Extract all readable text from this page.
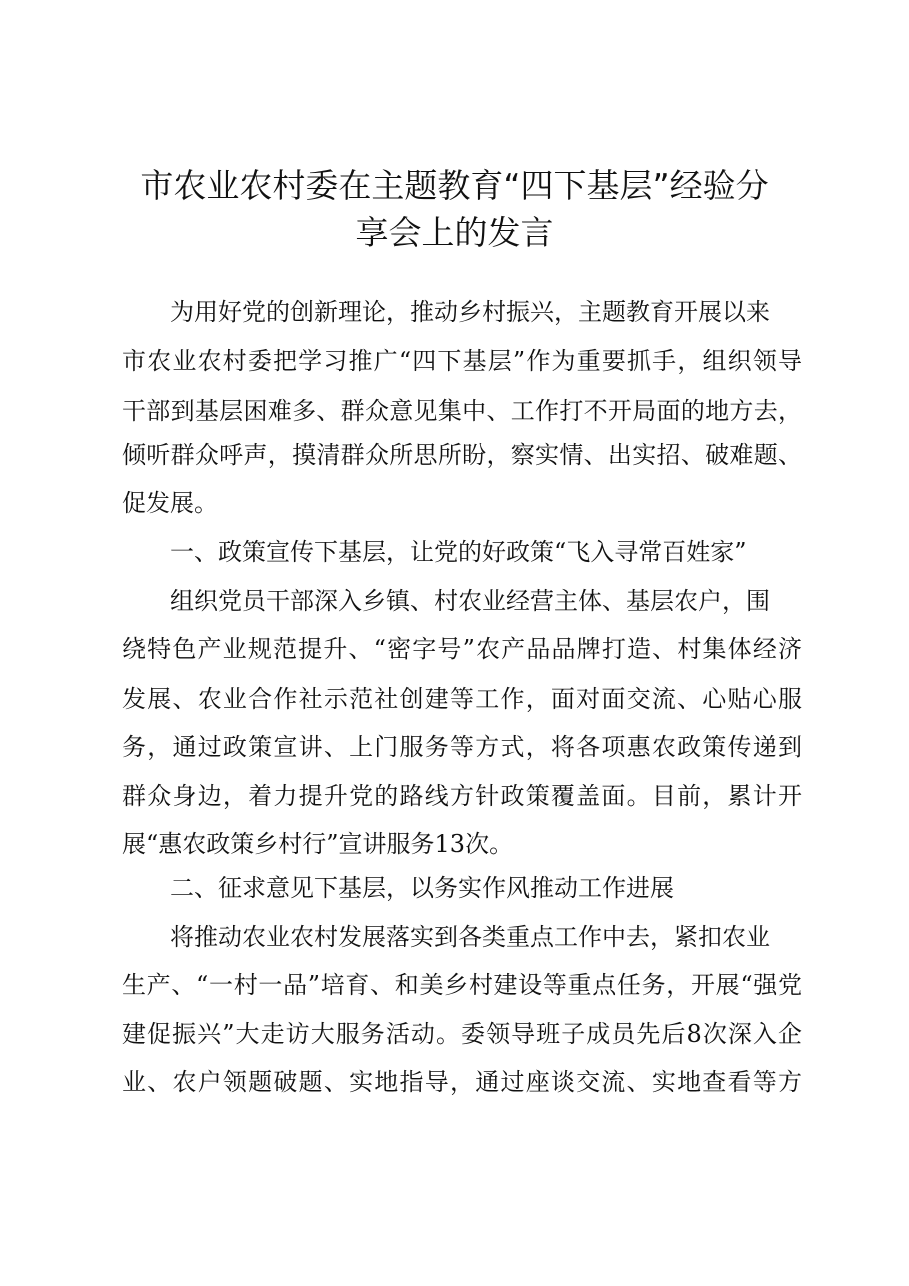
市农业农村委在主题教育“四下基层”经验分
享会上的发言
为用好党的创新理论，推动乡村振兴，主题教育开展以来
市农业农村委把学习推广“四下基层”作为重要抓手，组织领导
干部到基层困难多、群众意见集中、工作打不开局面的地方去，
倾听群众呼声，摸清群众所思所盼，察实情、出实招、破难题、
促发展。
一、政策宣传下基层，让党的好政策“飞入寻常百姓家”
组织党员干部深入乡镇、村农业经营主体、基层农户，围
绕特色产业规范提升、“密字号”农产品品牌打造、村集体经济
发展、农业合作社示范社创建等工作，面对面交流、心贴心服
务，通过政策宣讲、上门服务等方式，将各项惠农政策传递到
群众身边，着力提升党的路线方针政策覆盖面。目前，累计开
展“惠农政策乡村行”宣讲服务13次。
二、征求意见下基层，以务实作风推动工作进展
将推动农业农村发展落实到各类重点工作中去，紧扣农业
生产、“一村一品”培育、和美乡村建设等重点任务，开展“强党
建促振兴”大走访大服务活动。委领导班子成员先后8次深入企
业、农户领题破题、实地指导，通过座谈交流、实地查看等方
